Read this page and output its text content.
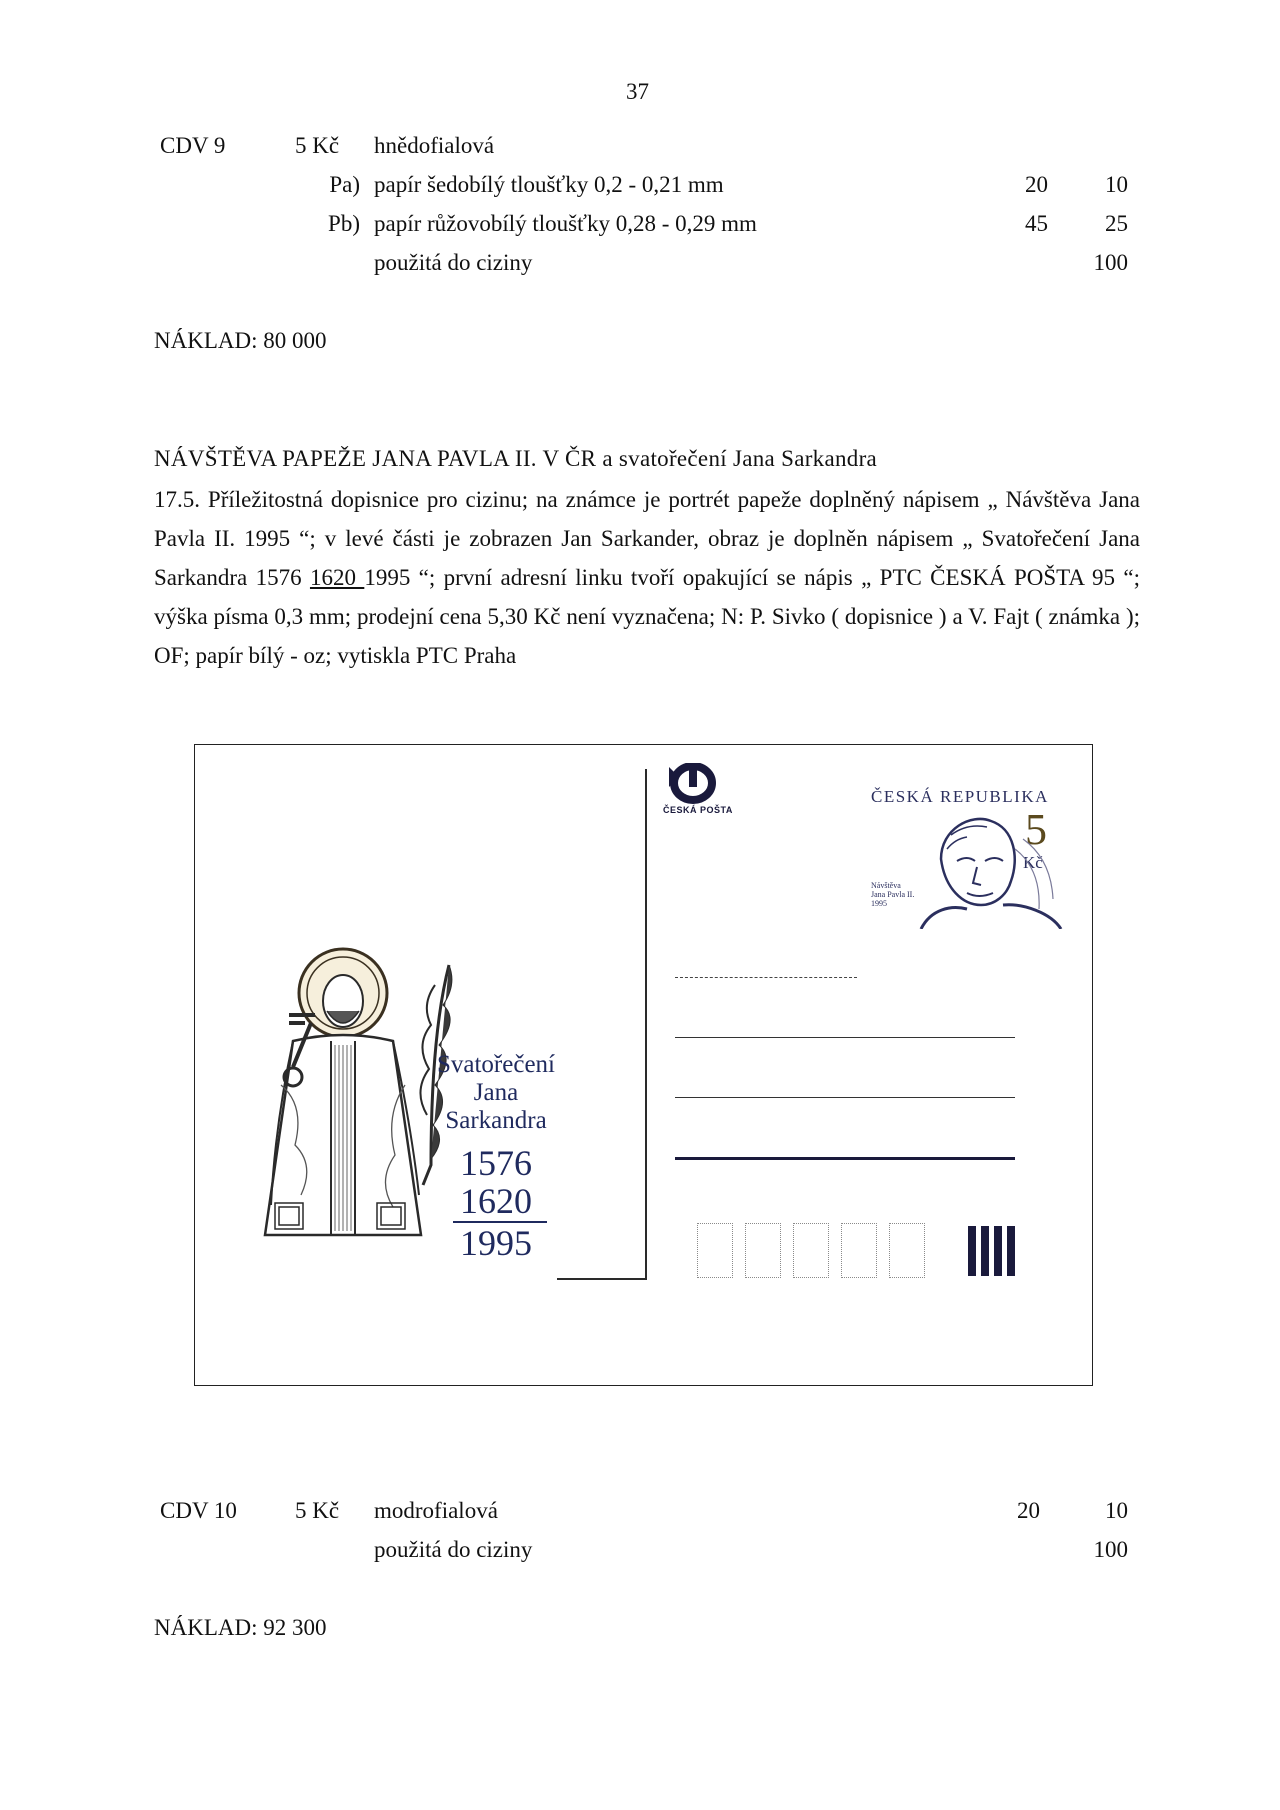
37
CDV 9	5 Kč hnědofialová
Pa) papír šedobílý tloušťky 0,2 - 0,21 mm	20	10
Pb) papír růžovobílý tloušťky 0,28 - 0,29 mm	45	25
použitá do ciziny	100
NÁKLAD: 80 000
NÁVŠTĚVA PAPEŽE JANA PAVLA II. V ČR a svatořečení Jana Sarkandra
17.5. Příležitostná dopisnice pro cizinu; na známce je portrét papeže doplněný nápisem „ Návštěva Jana Pavla II. 1995 “; v levé části je zobrazen Jan Sarkander, obraz je doplněn nápisem „ Svatořečení Jana Sarkandra 1576 1620 1995 “; první adresní linku tvoří opakující se nápis „ PTC ČESKÁ POŠTA 95 “; výška písma 0,3 mm; prodejní cena 5,30 Kč není vyznačena; N: P. Sivko ( dopisnice ) a V. Fajt ( známka ); OF; papír bílý - oz; vytiskla PTC Praha
ČESKÁ POŠTA
ČESKÁ REPUBLIKA
5
Kč
Návštěva
Jana Pavla II.
1995
Svatořečení
Jana
Sarkandra
1576
1620
1995
CDV 10	5 Kč modrofialová	20	10
použitá do ciziny	100
NÁKLAD: 92 300
